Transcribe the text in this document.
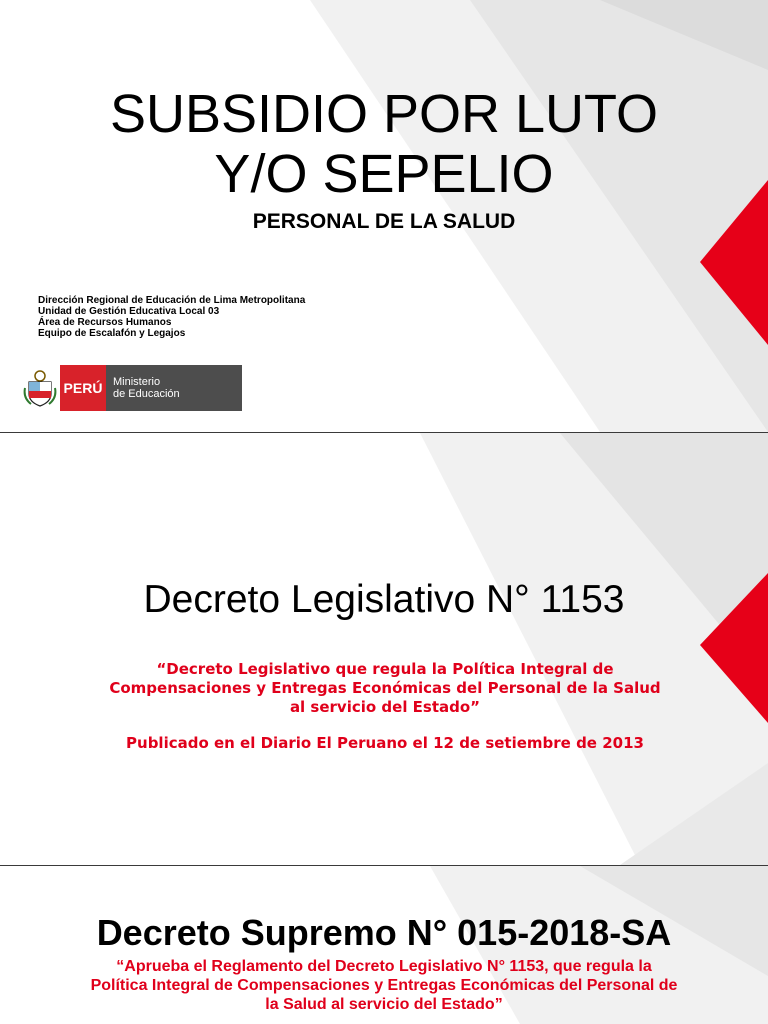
SUBSIDIO POR LUTO
Y/O SEPELIO
PERSONAL DE LA SALUD
Dirección Regional de Educación de Lima Metropolitana
Unidad de Gestión Educativa Local 03
Área de Recursos Humanos
Equipo de Escalafón y Legajos
PERÚ Ministerio
de Educación
Decreto Legislativo N° 1153
“Decreto Legislativo que regula la Política Integral de Compensaciones y Entregas Económicas del Personal de la Salud al servicio del Estado”
Publicado en el Diario El Peruano el 12 de setiembre de 2013
Decreto Supremo N° 015-2018-SA
“Aprueba el Reglamento del Decreto Legislativo N° 1153, que regula la Política Integral de Compensaciones y Entregas Económicas del Personal de la Salud al servicio del Estado”
